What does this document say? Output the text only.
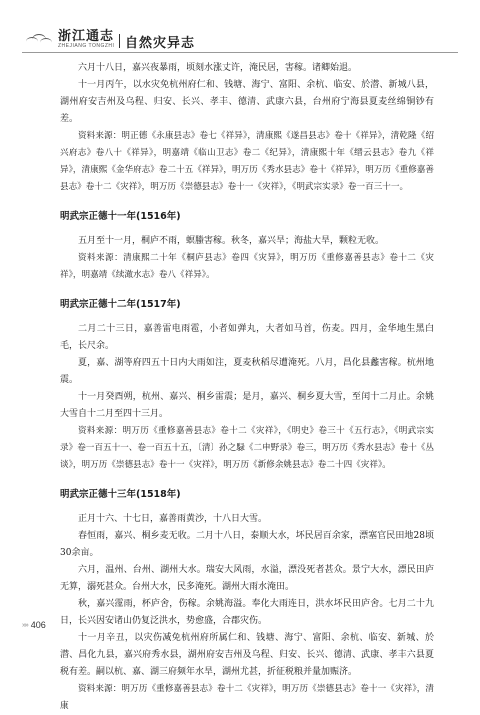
浙江通志
ZHEJIANG TONGZHI 自然灾异志

六月十八日，嘉兴夜暴雨，顷刻水涨丈许，淹民居，害稼。诸卿始退。

十一月丙午，以水灾免杭州府仁和、钱塘、海宁、富阳、余杭、临安、於潜、新城八县，湖州府安吉州及乌程、归安、长兴、孝丰、德清、武康六县，台州府宁海县夏麦丝绵铜钞有差。

资料来源：明正德《永康县志》卷七《祥异》，清康熙《遂昌县志》卷十《祥异》，清乾隆《绍兴府志》卷八十《祥异》，明嘉靖《临山卫志》卷二《纪异》，清康熙十年《缙云县志》卷九《祥异》，清康熙《金华府志》卷二十五《祥异》，明万历《秀水县志》卷十《祥异》，明万历《重修嘉善县志》卷十二《灾祥》，明万历《崇德县志》卷十一《灾祥》，《明武宗实录》卷一百三十一。

明武宗正德十一年(1516年)

五月至十一月，桐庐不雨，螟螣害稼。秋冬，嘉兴旱；海盐大旱，颗粒无收。

资料来源：清康熙二十年《桐庐县志》卷四《灾异》，明万历《重修嘉善县志》卷十二《灾祥》，明嘉靖《续澉水志》卷八《祥异》。

明武宗正德十二年(1517年)

二月二十三日，嘉善雷电雨雹，小者如弹丸，大者如马首，伤麦。四月，金华地生黑白毛，长尺余。

夏，嘉、湖等府四五十日内大雨如注，夏麦秋稻尽遭淹死。八月，昌化县蠡害稼。杭州地震。

十一月癸酉朔，杭州、嘉兴、桐乡雷震；是月，嘉兴、桐乡夏大雪，至闰十二月止。余姚大雪自十二月至四十三月。

资料来源：明万历《重修嘉善县志》卷十二《灾祥》，《明史》卷三十《五行志》，《明武宗实录》卷一百五十一、卷一百五十五，〔清〕孙之騄《二申野录》卷三，明万历《秀水县志》卷十《丛谈》，明万历《崇德县志》卷十一《灾祥》，明万历《新修余姚县志》卷二十四《灾祥》。

明武宗正德十三年(1518年)

正月十六、十七日，嘉善雨黄沙，十八日大雪。

春恒雨，嘉兴、桐乡麦无收。二月十八日，泰顺大水，坏民居百余家，漂塞官民田地28顷30余亩。

六月，温州、台州、湖州大水。瑞安大风雨，水溢，漂没死者甚众。景宁大水，漂民田庐无算，溺死甚众。台州大水，民多淹死。湖州大雨水淹田。

秋，嘉兴霪雨，杯庐舍，伤稼。余姚海溢。奉化大雨连日，洪水坏民田庐舍。七月二十九日，长兴因安诸山仍复泛洪水，势愈盛，合郡灾伤。

十一月辛丑，以灾伤减免杭州府所属仁和、钱塘、海宁、富阳、余杭、临安、新城、於潜、昌化九县，嘉兴府秀水县，湖州府安吉州及乌程、归安、长兴、德清、武康、孝丰六县夏税有差。嗣以杭、嘉、湖三府频年水旱，湖州尤甚，折征税粮并量加赈济。

资料来源：明万历《重修嘉善县志》卷十二《灾祥》，明万历《崇德县志》卷十一《灾祥》，清康

»» 406
